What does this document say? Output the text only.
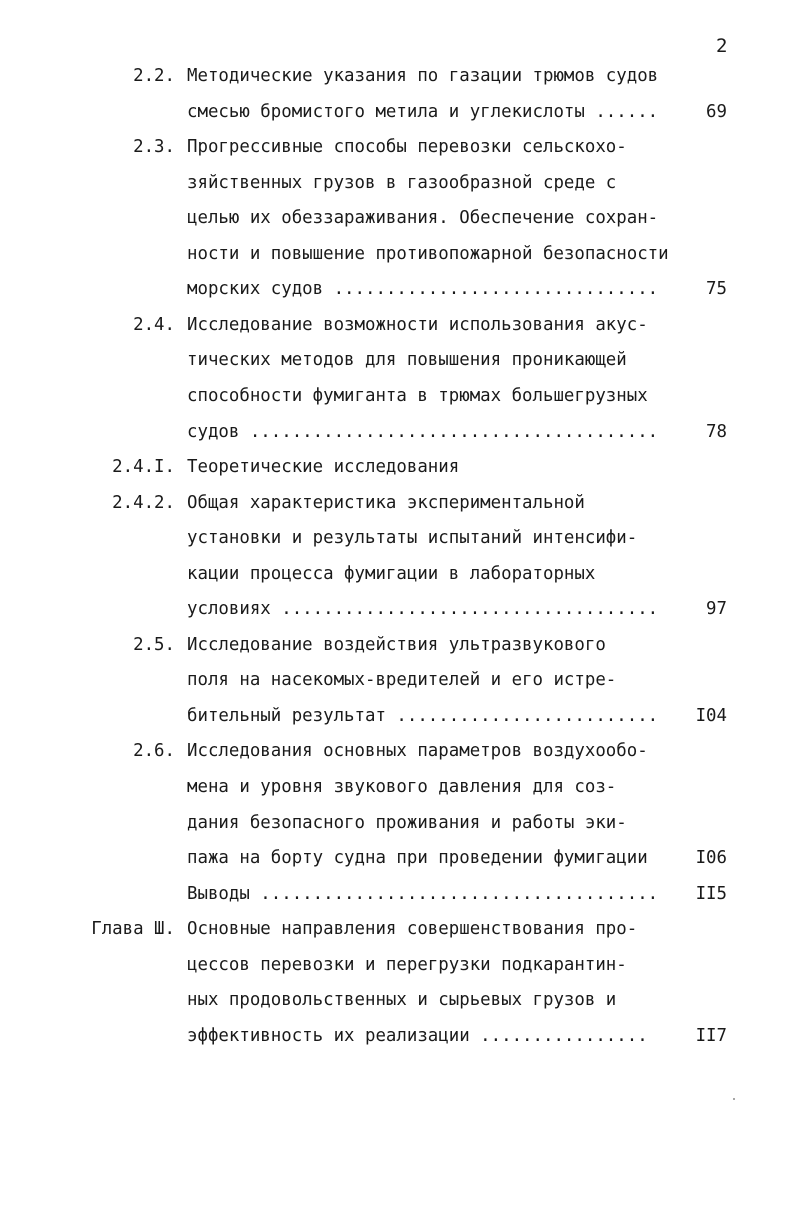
2
2.2. Методические указания по газации трюмов судов
смесью бромистого метила и углекислоты ......	69
2.3. Прогрессивные способы перевозки сельскохо-
зяйственных грузов в газообразной среде с
целью их обеззараживания. Обеспечение сохран-
ности и повышение противопожарной безопасности
морских судов ...............................	75
2.4. Исследование возможности использования акус-
тических методов для повышения проникающей
способности фумиганта в трюмах большегрузных
судов .......................................	78
2.4.I. Теоретические исследования
2.4.2. Общая характеристика экспериментальной
установки и результаты испытаний интенсифи-
кации процесса фумигации в лабораторных
условиях ....................................	97
2.5. Исследование воздействия ультразвукового
поля на насекомых-вредителей и его истре-
бительный результат ......................... I04
2.6. Исследования основных параметров воздухообо-
мена и уровня звукового давления для соз-
дания безопасного проживания и работы эки-
пажа на борту судна при проведении фумигации	I06
Выводы ...................................... II5
Глава Ш. Основные направления совершенствования про-
цессов перевозки и перегрузки подкарантин-
ных продовольственных и сырьевых грузов и
эффективность их реализации ................	II7
